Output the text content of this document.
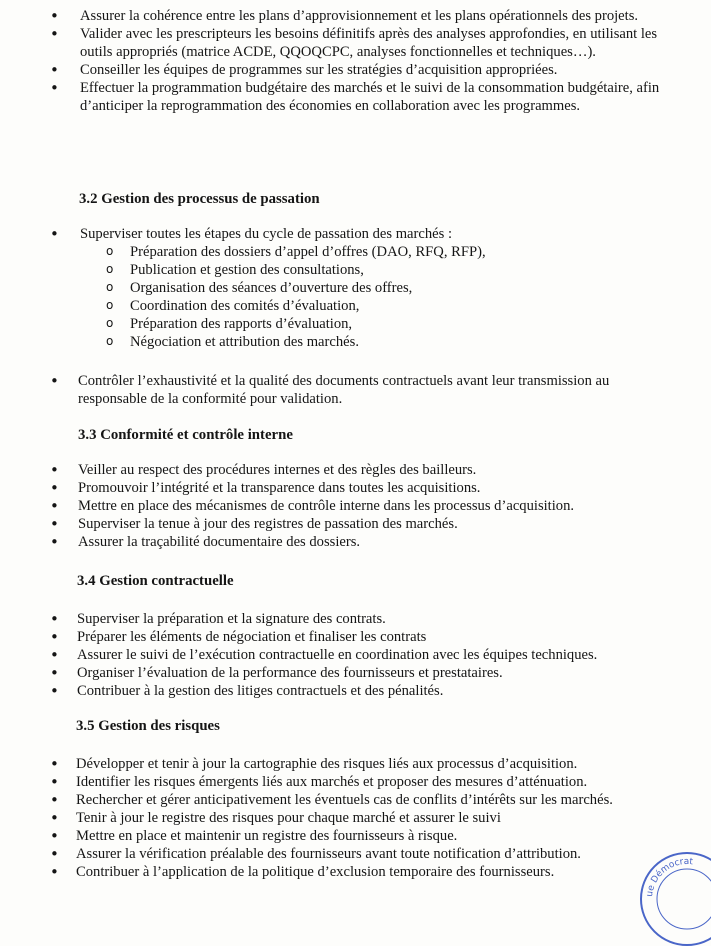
• Assurer la cohérence entre les plans d’approvisionnement et les plans opérationnels des projets.
• Valider avec les prescripteurs les besoins définitifs après des analyses approfondies, en utilisant les outils appropriés (matrice ACDE, QQOQCPC, analyses fonctionnelles et techniques…).
• Conseiller les équipes de programmes sur les stratégies d’acquisition appropriées.
• Effectuer la programmation budgétaire des marchés et le suivi de la consommation budgétaire, afin d’anticiper la reprogrammation des économies en collaboration avec les programmes.
3.2 Gestion des processus de passation
• Superviser toutes les étapes du cycle de passation des marchés :
o Préparation des dossiers d’appel d’offres (DAO, RFQ, RFP),
o Publication et gestion des consultations,
o Organisation des séances d’ouverture des offres,
o Coordination des comités d’évaluation,
o Préparation des rapports d’évaluation,
o Négociation et attribution des marchés.
• Contrôler l’exhaustivité et la qualité des documents contractuels avant leur transmission au responsable de la conformité pour validation.
3.3 Conformité et contrôle interne
• Veiller au respect des procédures internes et des règles des bailleurs.
• Promouvoir l’intégrité et la transparence dans toutes les acquisitions.
• Mettre en place des mécanismes de contrôle interne dans les processus d’acquisition.
• Superviser la tenue à jour des registres de passation des marchés.
• Assurer la traçabilité documentaire des dossiers.
3.4 Gestion contractuelle
• Superviser la préparation et la signature des contrats.
• Préparer les éléments de négociation et finaliser les contrats
• Assurer le suivi de l’exécution contractuelle en coordination avec les équipes techniques.
• Organiser l’évaluation de la performance des fournisseurs et prestataires.
• Contribuer à la gestion des litiges contractuels et des pénalités.
3.5 Gestion des risques
• Développer et tenir à jour la cartographie des risques liés aux processus d’acquisition.
• Identifier les risques émergents liés aux marchés et proposer des mesures d’atténuation.
• Rechercher et gérer anticipativement les éventuels cas de conflits d’intérêts sur les marchés.
• Tenir à jour le registre des risques pour chaque marché et assurer le suivi
• Mettre en place et maintenir un registre des fournisseurs à risque.
• Assurer la vérification préalable des fournisseurs avant toute notification d’attribution.
• Contribuer à l’application de la politique d’exclusion temporaire des fournisseurs.
ue Démocrat
